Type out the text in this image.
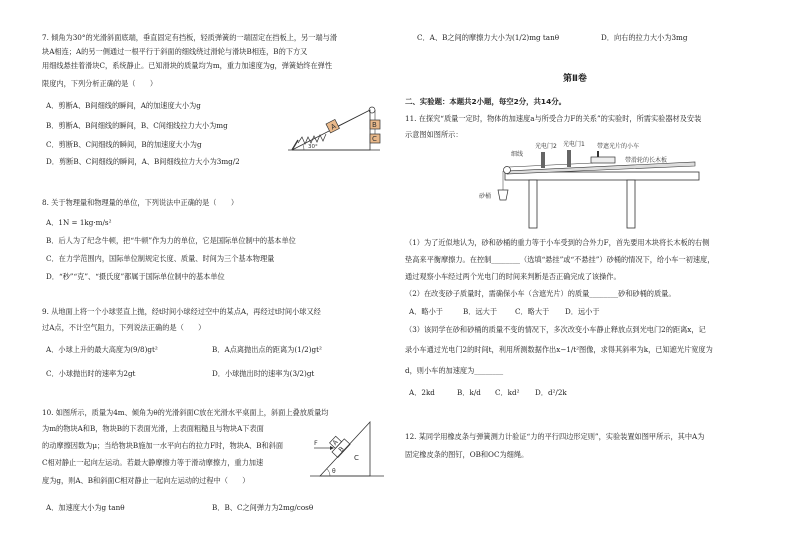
7. 倾角为30°的光滑斜面底端，垂直固定有挡板，轻质弹簧的一端固定在挡板上，另一端与滑
块A相连；A的另一侧通过一根平行于斜面的细线绕过滑轮与滑块B相连，B的下方又
用细线悬挂着滑块C，系统静止。已知滑块的质量均为m，重力加速度为g，弹簧始终在弹性
限度内，下列分析正确的是（　　）
A．剪断A、B间细线的瞬间，A的加速度大小为g
B．剪断A、B间细线的瞬间，B、C间细线拉力大小为mg
C．剪断B、C间细线的瞬间，B的加速度大小为g
D．剪断B、C间细线的瞬间，A、B间细线拉力大小为3mg/2
A	B
C
30°
8. 关于物理量和物理量的单位，下列说法中正确的是（　　）
A．1N = 1kg·m/s²
B．后人为了纪念牛顿，把“牛顿”作为力的单位，它是国际单位制中的基本单位
C．在力学范围内，国际单位制规定长度、质量、时间为三个基本物理量
D．“秒”“克”、“摄氏度”都属于国际单位制中的基本单位
9. 从地面上将一个小球竖直上抛，经t时间小球经过空中的某点A，再经过t时间小球又经
过A点，不计空气阻力，下列说法正确的是（　　）
A．小球上升的最大高度为(9/8)gt²	B．A点离抛出点的距离为(1/2)gt²
C．小球抛出时的速率为2gt	D．小球抛出时的速率为(3/2)gt
10. 如图所示，质量为4m、倾角为θ的光滑斜面C放在光滑水平桌面上，斜面上叠放质量均
为m的物块A和B，物块B的下表面光滑，上表面粗糙且与物块A下表面
的动摩擦因数为μ；当给物块B施加一水平向右的拉力F时，物块A、B和斜面
C相对静止一起向左运动。若最大静摩擦力等于滑动摩擦力，重力加速
度为g，则A、B和斜面C相对静止一起向左运动的过程中（　　）
A．加速度大小为g tanθ	B．B、C之间弹力为2mg/cosθ
C
B
A
F
θ
C．A、B之间的摩擦力大小为(1/2)mg tanθ	D．向右的拉力大小为3mg
第Ⅱ卷
二、实验题：本题共2小题，每空2分，共14分。
11. 在探究“质量一定时，物体的加速度a与所受合力F的关系”的实验时，所需实验器材及安装
示意图如图所示：
砂桶
细线
光电门2 光电门1 带遮光片的小车
带滑轮的长木板
（1）为了近似地认为，砂和砂桶的重力等于小车受到的合外力F，首先要用木块将长木板的右侧
垫高来平衡摩擦力。在控制________（选填“悬挂”或“不悬挂”）砂桶的情况下，给小车一初速度，
通过观察小车经过两个光电门的时间来判断是否正确完成了该操作。
（2）在改变砂子质量时，需确保小车（含遮光片）的质量________砂和砂桶的质量。
A．略小于	B．远大于 C．略大于 D．远小于
（3）该同学在砂和砂桶的质量不变的情况下，多次改变小车静止释放点到光电门2的距离x，记
录小车通过光电门2的时间t，利用所测数据作出x−1/t²图像，求得其斜率为k，已知遮光片宽度为
d，则小车的加速度为________
A．2kd	B．k/d C．kd² D．d²/2k
12. 某同学用橡皮条与弹簧测力计验证“力的平行四边形定则”，实验装置如图甲所示，其中A为
固定橡皮条的图钉，OB和OC为细绳。
